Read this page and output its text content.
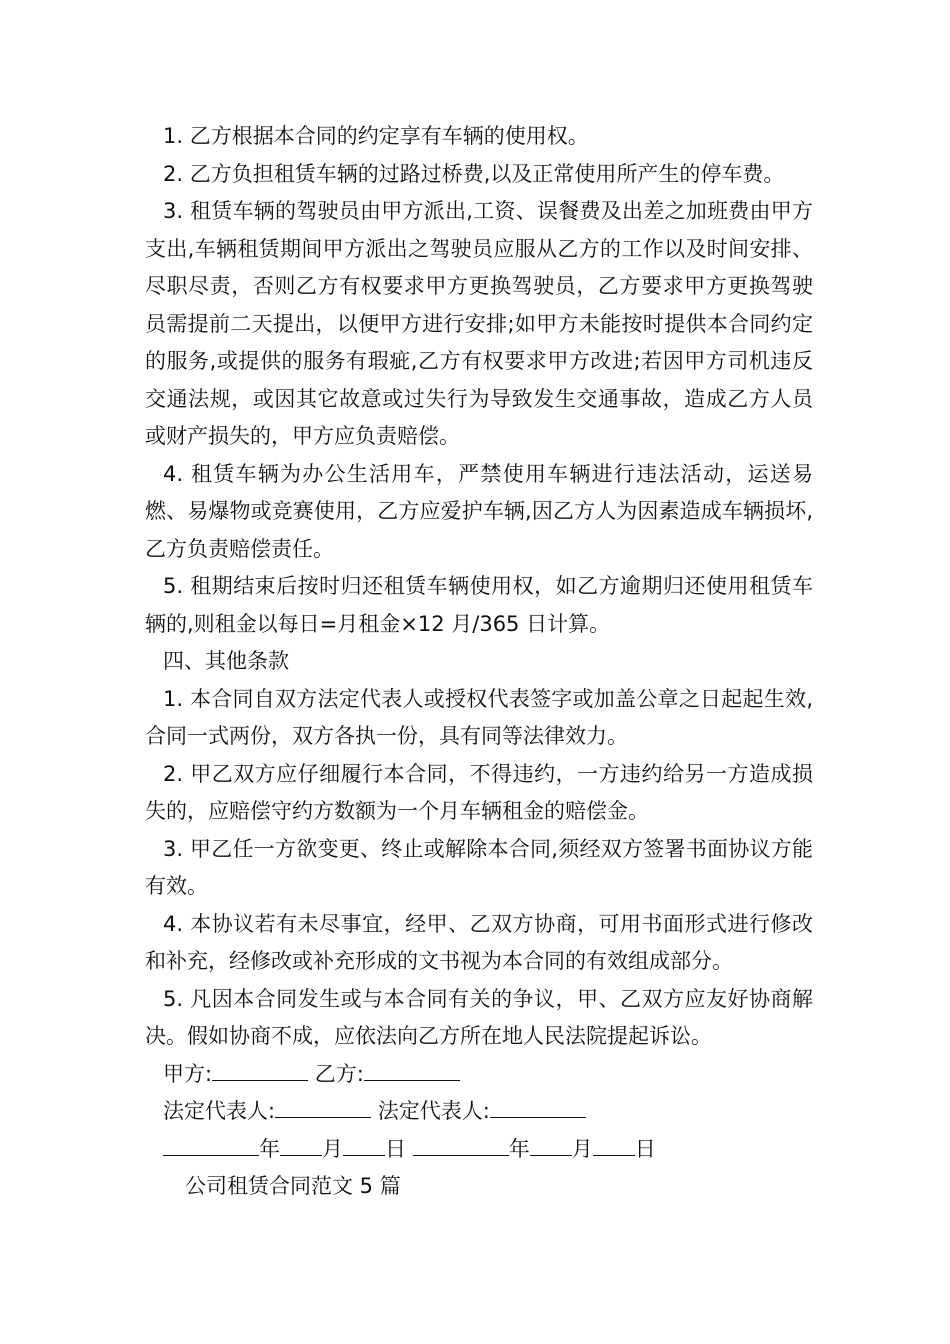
1. 乙方根据本合同的约定享有车辆的使用权。

2. 乙方负担租赁车辆的过路过桥费,以及正常使用所产生的停车费。

3. 租赁车辆的驾驶员由甲方派出,工资、误餐费及出差之加班费由甲方支出,车辆租赁期间甲方派出之驾驶员应服从乙方的工作以及时间安排、尽职尽责，否则乙方有权要求甲方更换驾驶员，乙方要求甲方更换驾驶员需提前二天提出，以便甲方进行安排;如甲方未能按时提供本合同约定的服务,或提供的服务有瑕疵,乙方有权要求甲方改进;若因甲方司机违反交通法规，或因其它故意或过失行为导致发生交通事故，造成乙方人员或财产损失的，甲方应负责赔偿。

4. 租赁车辆为办公生活用车，严禁使用车辆进行违法活动，运送易燃、易爆物或竞赛使用，乙方应爱护车辆,因乙方人为因素造成车辆损坏,乙方负责赔偿责任。

5. 租期结束后按时归还租赁车辆使用权，如乙方逾期归还使用租赁车辆的,则租金以每日=月租金×12 月/365 日计算。

四、其他条款

1. 本合同自双方法定代表人或授权代表签字或加盖公章之日起起生效,合同一式两份，双方各执一份，具有同等法律效力。

2. 甲乙双方应仔细履行本合同，不得违约，一方违约给另一方造成损失的，应赔偿守约方数额为一个月车辆租金的赔偿金。

3. 甲乙任一方欲变更、终止或解除本合同,须经双方签署书面协议方能有效。

4. 本协议若有未尽事宜，经甲、乙双方协商，可用书面形式进行修改和补充，经修改或补充形成的文书视为本合同的有效组成部分。

5. 凡因本合同发生或与本合同有关的争议，甲、乙双方应友好协商解决。假如协商不成，应依法向乙方所在地人民法院提起诉讼。

甲方:	乙方:

法定代表人:	法定代表人:

年 月 日	年 月 日

公司租赁合同范文 5 篇
